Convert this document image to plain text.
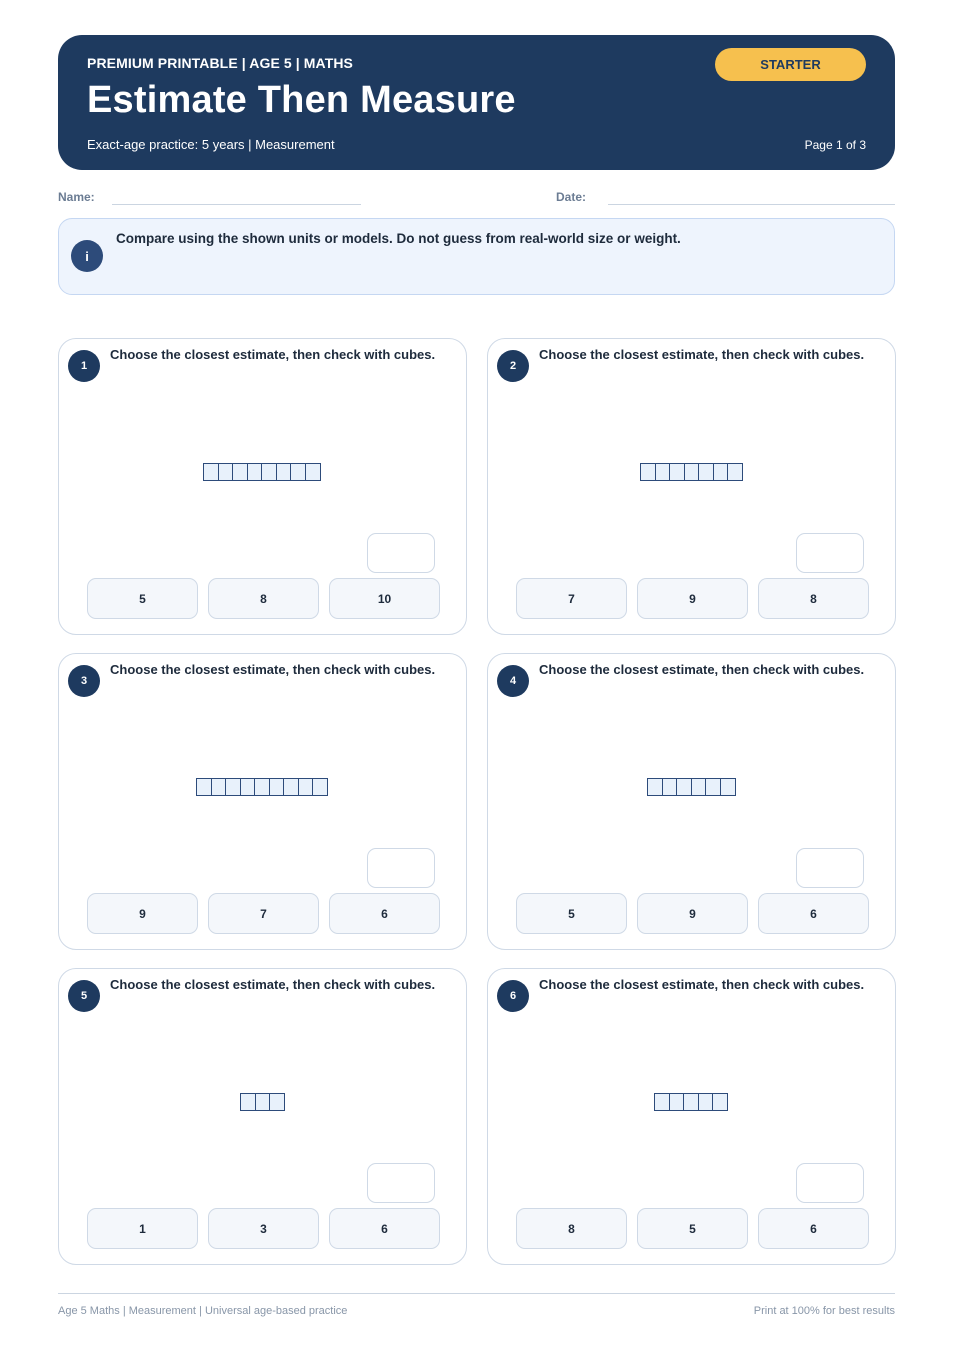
PREMIUM PRINTABLE | AGE 5 | MATHS
Estimate Then Measure
Exact-age practice: 5 years | Measurement	Page 1 of 3
STARTER
Name:	Date:
i
Compare using the shown units or models. Do not guess from real-world size or weight.
1
Choose the closest estimate, then check with cubes.
5	8	10
2
Choose the closest estimate, then check with cubes.
7	9	8
3
Choose the closest estimate, then check with cubes.
9	7	6
4
Choose the closest estimate, then check with cubes.
5	9	6
5
Choose the closest estimate, then check with cubes.
1	3	6
6
Choose the closest estimate, then check with cubes.
8	5	6
Age 5 Maths | Measurement | Universal age-based practice	Print at 100% for best results
